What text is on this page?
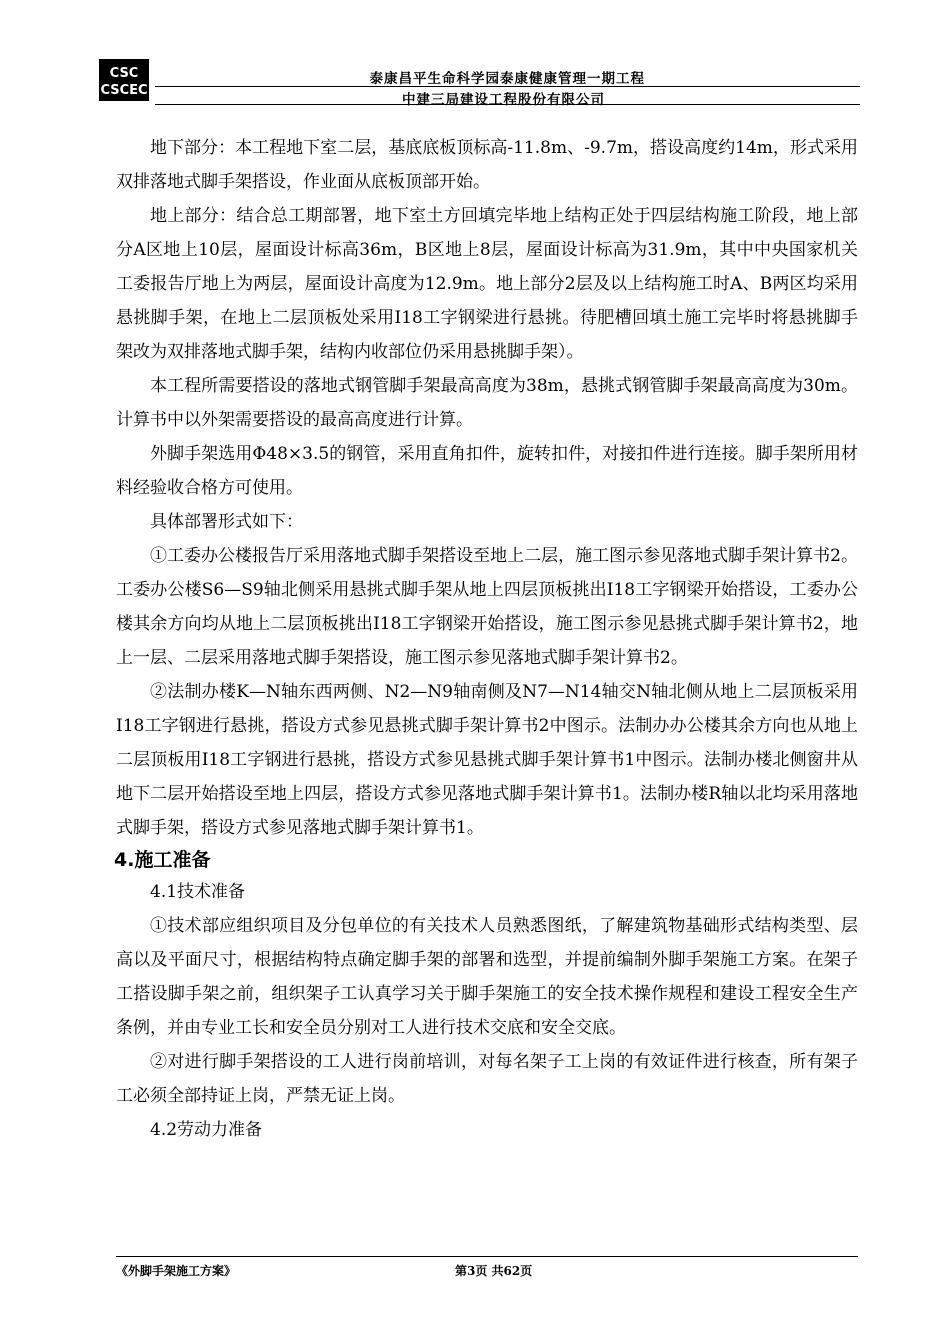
CSC
CSCEC
泰康昌平生命科学园泰康健康管理一期工程
中建三局建设工程股份有限公司

地下部分：本工程地下室二层，基底底板顶标高-11.8m、-9.7m，搭设高度约14m，形式采用双排落地式脚手架搭设，作业面从底板顶部开始。

地上部分：结合总工期部署，地下室土方回填完毕地上结构正处于四层结构施工阶段，地上部分A区地上10层，屋面设计标高36m，B区地上8层，屋面设计标高为31.9m，其中中央国家机关工委报告厅地上为两层，屋面设计高度为12.9m。地上部分2层及以上结构施工时A、B两区均采用悬挑脚手架，在地上二层顶板处采用I18工字钢梁进行悬挑。待肥槽回填土施工完毕时将悬挑脚手架改为双排落地式脚手架，结构内收部位仍采用悬挑脚手架）。

本工程所需要搭设的落地式钢管脚手架最高高度为38m，悬挑式钢管脚手架最高高度为30m。计算书中以外架需要搭设的最高高度进行计算。

外脚手架选用Φ48×3.5的钢管，采用直角扣件，旋转扣件，对接扣件进行连接。脚手架所用材料经验收合格方可使用。

具体部署形式如下：

①工委办公楼报告厅采用落地式脚手架搭设至地上二层，施工图示参见落地式脚手架计算书2。工委办公楼S6—S9轴北侧采用悬挑式脚手架从地上四层顶板挑出I18工字钢梁开始搭设，工委办公楼其余方向均从地上二层顶板挑出I18工字钢梁开始搭设，施工图示参见悬挑式脚手架计算书2，地上一层、二层采用落地式脚手架搭设，施工图示参见落地式脚手架计算书2。

②法制办楼K—N轴东西两侧、N2—N9轴南侧及N7—N14轴交N轴北侧从地上二层顶板采用I18工字钢进行悬挑，搭设方式参见悬挑式脚手架计算书2中图示。法制办办公楼其余方向也从地上二层顶板用I18工字钢进行悬挑，搭设方式参见悬挑式脚手架计算书1中图示。法制办楼北侧窗井从地下二层开始搭设至地上四层，搭设方式参见落地式脚手架计算书1。法制办楼R轴以北均采用落地式脚手架，搭设方式参见落地式脚手架计算书1。

4.施工准备

4.1技术准备

①技术部应组织项目及分包单位的有关技术人员熟悉图纸，了解建筑物基础形式结构类型、层高以及平面尺寸，根据结构特点确定脚手架的部署和选型，并提前编制外脚手架施工方案。在架子工搭设脚手架之前，组织架子工认真学习关于脚手架施工的安全技术操作规程和建设工程安全生产条例，并由专业工长和安全员分别对工人进行技术交底和安全交底。

②对进行脚手架搭设的工人进行岗前培训，对每名架子工上岗的有效证件进行核查，所有架子工必须全部持证上岗，严禁无证上岗。

4.2劳动力准备

《外脚手架施工方案》	第3页 共62页
